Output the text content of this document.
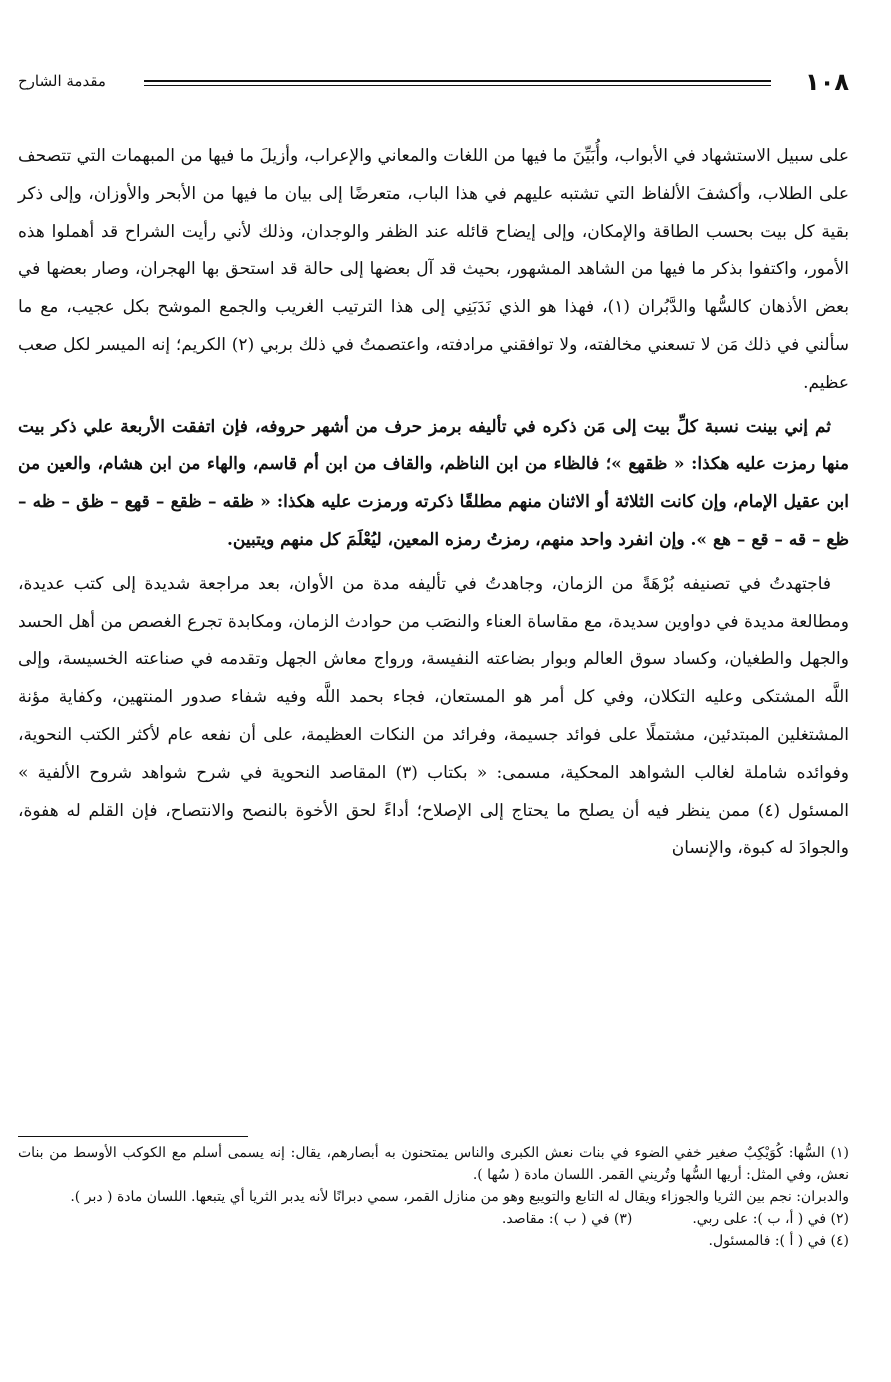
١٠٨
مقدمة الشارح

على سبيل الاستشهاد في الأبواب، وأُبَيِّنَ ما فيها من اللغات والمعاني والإعراب، وأزيلَ ما فيها من المبهمات التي تتصحف على الطلاب، وأكشفَ الألفاظ التي تشتبه عليهم في هذا الباب، متعرضًا إلى بيان ما فيها من الأبحر والأوزان، وإلى ذكر بقية كل بيت بحسب الطاقة والإمكان، وإلى إيضاح قائله عند الظفر والوجدان، وذلك لأني رأيت الشراح قد أهملوا هذه الأمور، واكتفوا بذكر ما فيها من الشاهد المشهور، بحيث قد آل بعضها إلى حالة قد استحق بها الهجران، وصار بعضها في بعض الأذهان كالسُّها والدَّبُران (١)، فهذا هو الذي نَدَبَنِي إلى هذا الترتيب الغريب والجمع الموشح بكل عجيب، مع ما سألني في ذلك مَن لا تسعني مخالفته، ولا توافقني مرادفته، واعتصمتُ في ذلك بربي (٢) الكريم؛ إنه الميسر لكل صعب عظيم.

ثم إني بينت نسبة كلِّ بيت إلى مَن ذكره في تأليفه برمز حرف من أشهر حروفه، فإن اتفقت الأربعة علي ذكر بيت منها رمزت عليه هكذا: « ظقهع »؛ فالظاء من ابن الناظم، والقاف من ابن أم قاسم، والهاء من ابن هشام، والعين من ابن عقيل الإمام، وإن كانت الثلاثة أو الاثنان منهم مطلقًا ذكرته ورمزت عليه هكذا: « ظقه – ظقع – قهع – ظق – ظه – ظع – قه – قع – هع ». وإن انفرد واحد منهم، رمزتُ رمزه المعين، ليُعْلَمَ كل منهم ويتبين.

فاجتهدتُ في تصنيفه بُرْهَةً من الزمان، وجاهدتُ في تأليفه مدة من الأوان، بعد مراجعة شديدة إلى كتب عديدة، ومطالعة مديدة في دواوين سديدة، مع مقاساة العناء والنصَب من حوادث الزمان، ومكابدة تجرع الغصص من أهل الحسد والجهل والطغيان، وكساد سوق العالم وبوار بضاعته النفيسة، ورواج معاش الجهل وتقدمه في صناعته الخسيسة، وإلى اللَّه المشتكى وعليه التكلان، وفي كل أمر هو المستعان، فجاء بحمد اللَّه وفيه شفاء صدور المنتهين، وكفاية مؤنة المشتغلين المبتدئين، مشتملًا على فوائد جسيمة، وفرائد من النكات العظيمة، على أن نفعه عام لأكثر الكتب النحوية، وفوائده شاملة لغالب الشواهد المحكية، مسمى: « بكتاب (٣) المقاصد النحوية في شرح شواهد شروح الألفية » المسئول (٤) ممن ينظر فيه أن يصلح ما يحتاج إلى الإصلاح؛ أداءً لحق الأخوة بالنصح والانتصاح، فإن القلم له هفوة، والجوادَ له كبوة، والإنسان

(١) السُّها: كُوَيْكِبٌ صغير خفي الضوء في بنات نعش الكبرى والناس يمتحنون به أبصارهم، يقال: إنه يسمى أسلم مع الكوكب الأوسط من بنات نعش، وفي المثل: أريها السُّها وتُريني القمر. اللسان مادة ( سُها ).

والدبران: نجم بين الثريا والجوزاء ويقال له التابع والتويبع وهو من منازل القمر، سمي دبرانًا لأنه يدبر الثريا أي يتبعها. اللسان مادة ( دبر ).

(٢) في ( أ، ب ): على ربي.

(٣) في ( ب ): مقاصد.

(٤) في ( أ ): فالمسئول.
